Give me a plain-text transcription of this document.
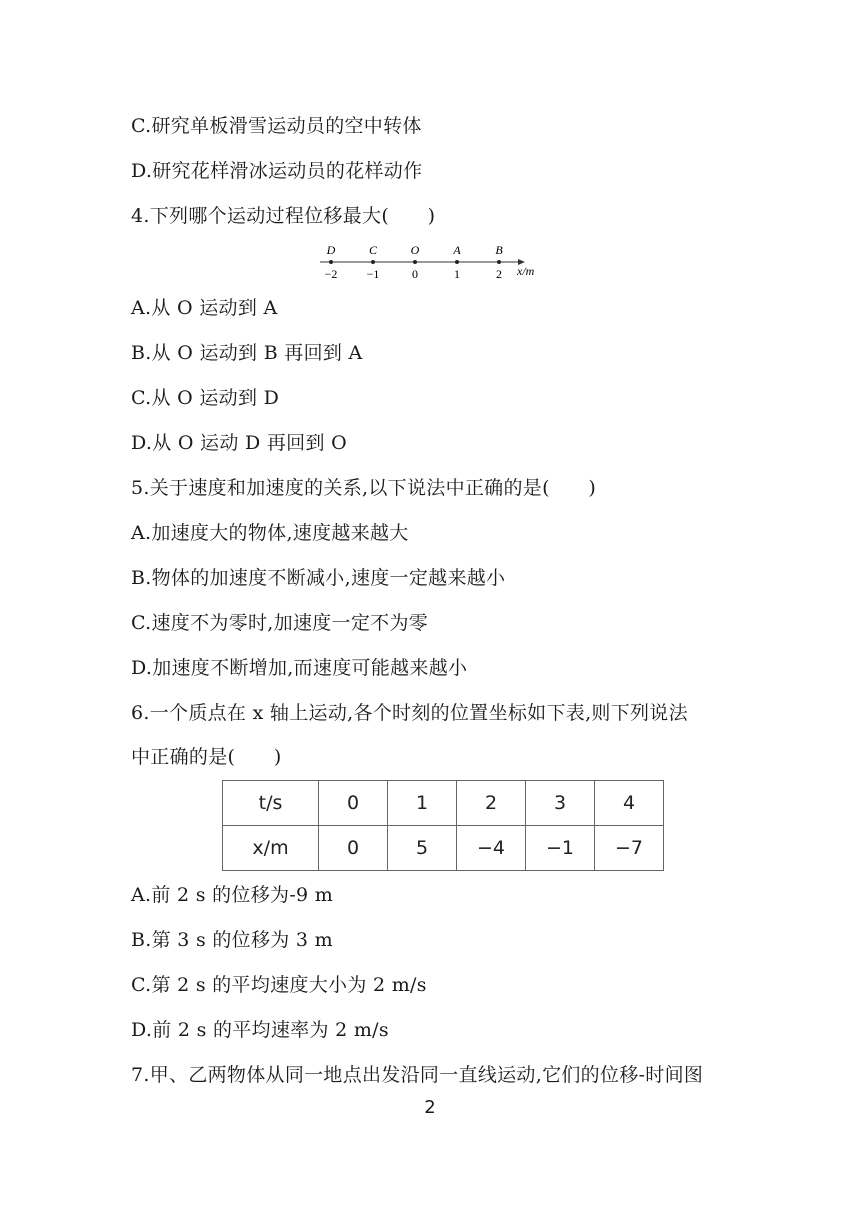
C.研究单板滑雪运动员的空中转体
D.研究花样滑冰运动员的花样动作
4.下列哪个运动过程位移最大(　　)
D
−2
C
−1
O
0
A
1
B
2 x/m
A.从 O 运动到 A
B.从 O 运动到 B 再回到 A
C.从 O 运动到 D
D.从 O 运动 D 再回到 O
5.关于速度和加速度的关系,以下说法中正确的是(　　)
A.加速度大的物体,速度越来越大
B.物体的加速度不断减小,速度一定越来越小
C.速度不为零时,加速度一定不为零
D.加速度不断增加,而速度可能越来越小
6.一个质点在 x 轴上运动,各个时刻的位置坐标如下表,则下列说法
中正确的是(　　)
t/s	0	1	2	3	4
x/m	0	5	−4	−1	−7
A.前 2 s 的位移为-9 m
B.第 3 s 的位移为 3 m
C.第 2 s 的平均速度大小为 2 m/s
D.前 2 s 的平均速率为 2 m/s
7.甲、乙两物体从同一地点出发沿同一直线运动,它们的位移-时间图
2
